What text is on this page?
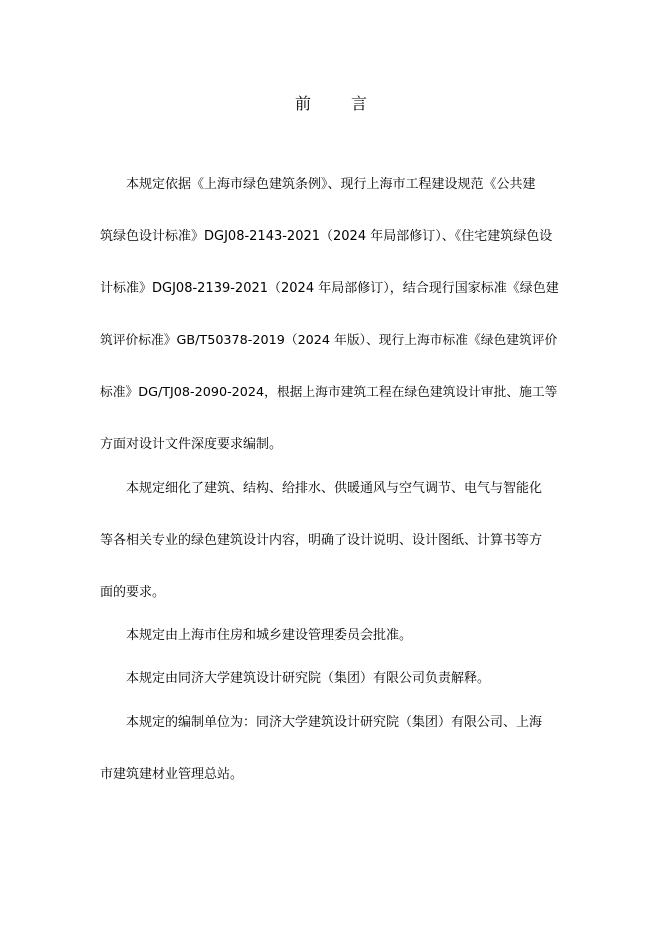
前　言
本规定依据《上海市绿色建筑条例》、现行上海市工程建设规范《公共建
筑绿色设计标准》DGJ08-2143-2021（2024 年局部修订）、《住宅建筑绿色设
计标准》DGJ08-2139-2021（2024 年局部修订），结合现行国家标准《绿色建
筑评价标准》GB/T50378-2019（2024 年版）、现行上海市标准《绿色建筑评价
标准》DG/TJ08-2090-2024，根据上海市建筑工程在绿色建筑设计审批、施工等
方面对设计文件深度要求编制。
本规定细化了建筑、结构、给排水、供暖通风与空气调节、电气与智能化
等各相关专业的绿色建筑设计内容，明确了设计说明、设计图纸、计算书等方
面的要求。
本规定由上海市住房和城乡建设管理委员会批准。
本规定由同济大学建筑设计研究院（集团）有限公司负责解释。
本规定的编制单位为：同济大学建筑设计研究院（集团）有限公司、上海
市建筑建材业管理总站。
